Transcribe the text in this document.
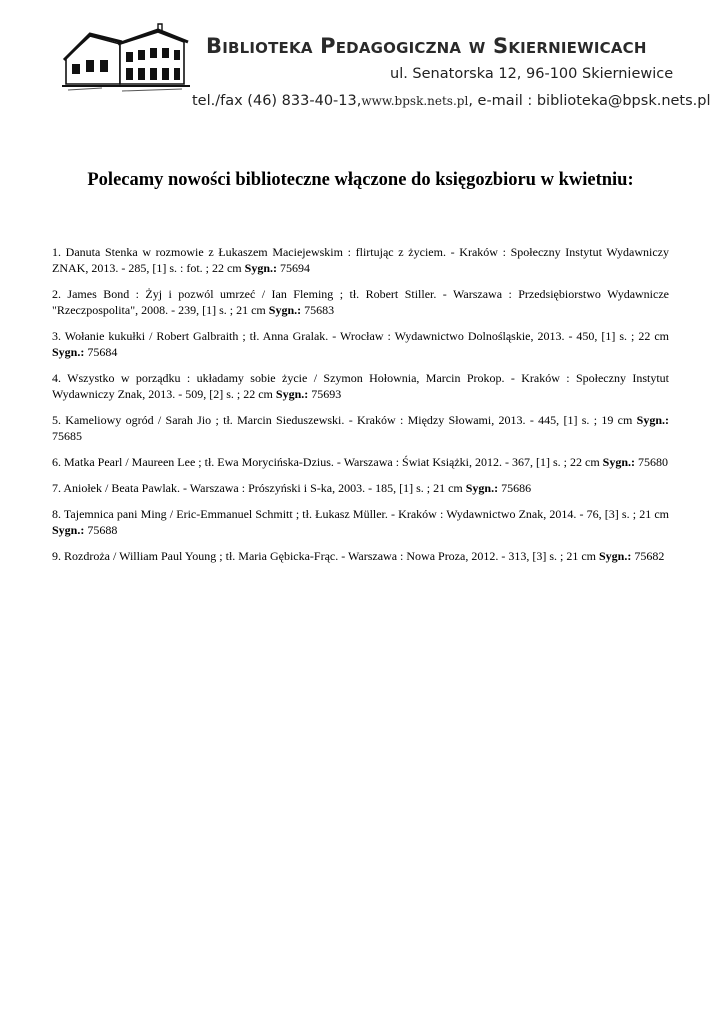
Biblioteka Pedagogiczna w Skierniewicach
ul. Senatorska 12, 96-100 Skierniewice
tel./fax (46) 833-40-13,www.bpsk.nets.pl, e-mail : biblioteka@bpsk.nets.pl
Polecamy nowości biblioteczne włączone do księgozbioru w kwietniu:
1. Danuta Stenka w rozmowie z Łukaszem Maciejewskim : flirtując z życiem. - Kraków : Społeczny Instytut Wydawniczy ZNAK, 2013. - 285, [1] s. : fot. ; 22 cm Sygn.: 75694
2. James Bond : Żyj i pozwól umrzeć / Ian Fleming ; tł. Robert Stiller. - Warszawa : Przedsiębiorstwo Wydawnicze "Rzeczpospolita", 2008. - 239, [1] s. ; 21 cm Sygn.: 75683
3. Wołanie kukułki / Robert Galbraith ; tł. Anna Gralak. - Wrocław : Wydawnictwo Dolnośląskie, 2013. - 450, [1] s. ; 22 cm Sygn.: 75684
4. Wszystko w porządku : układamy sobie życie / Szymon Hołownia, Marcin Prokop. - Kraków : Społeczny Instytut Wydawniczy Znak, 2013. - 509, [2] s. ; 22 cm Sygn.: 75693
5. Kameliowy ogród / Sarah Jio ; tł. Marcin Sieduszewski. - Kraków : Między Słowami, 2013. - 445, [1] s. ; 19 cm Sygn.: 75685
6. Matka Pearl / Maureen Lee ; tł. Ewa Morycińska-Dzius. - Warszawa : Świat Książki, 2012. - 367, [1] s. ; 22 cm Sygn.: 75680
7. Aniołek / Beata Pawlak. - Warszawa : Prószyński i S-ka, 2003. - 185, [1] s. ; 21 cm Sygn.: 75686
8. Tajemnica pani Ming / Eric-Emmanuel Schmitt ; tł. Łukasz Müller. - Kraków : Wydawnictwo Znak, 2014. - 76, [3] s. ; 21 cm Sygn.: 75688
9. Rozdroża / William Paul Young ; tł. Maria Gębicka-Frąc. - Warszawa : Nowa Proza, 2012. - 313, [3] s. ; 21 cm Sygn.: 75682
